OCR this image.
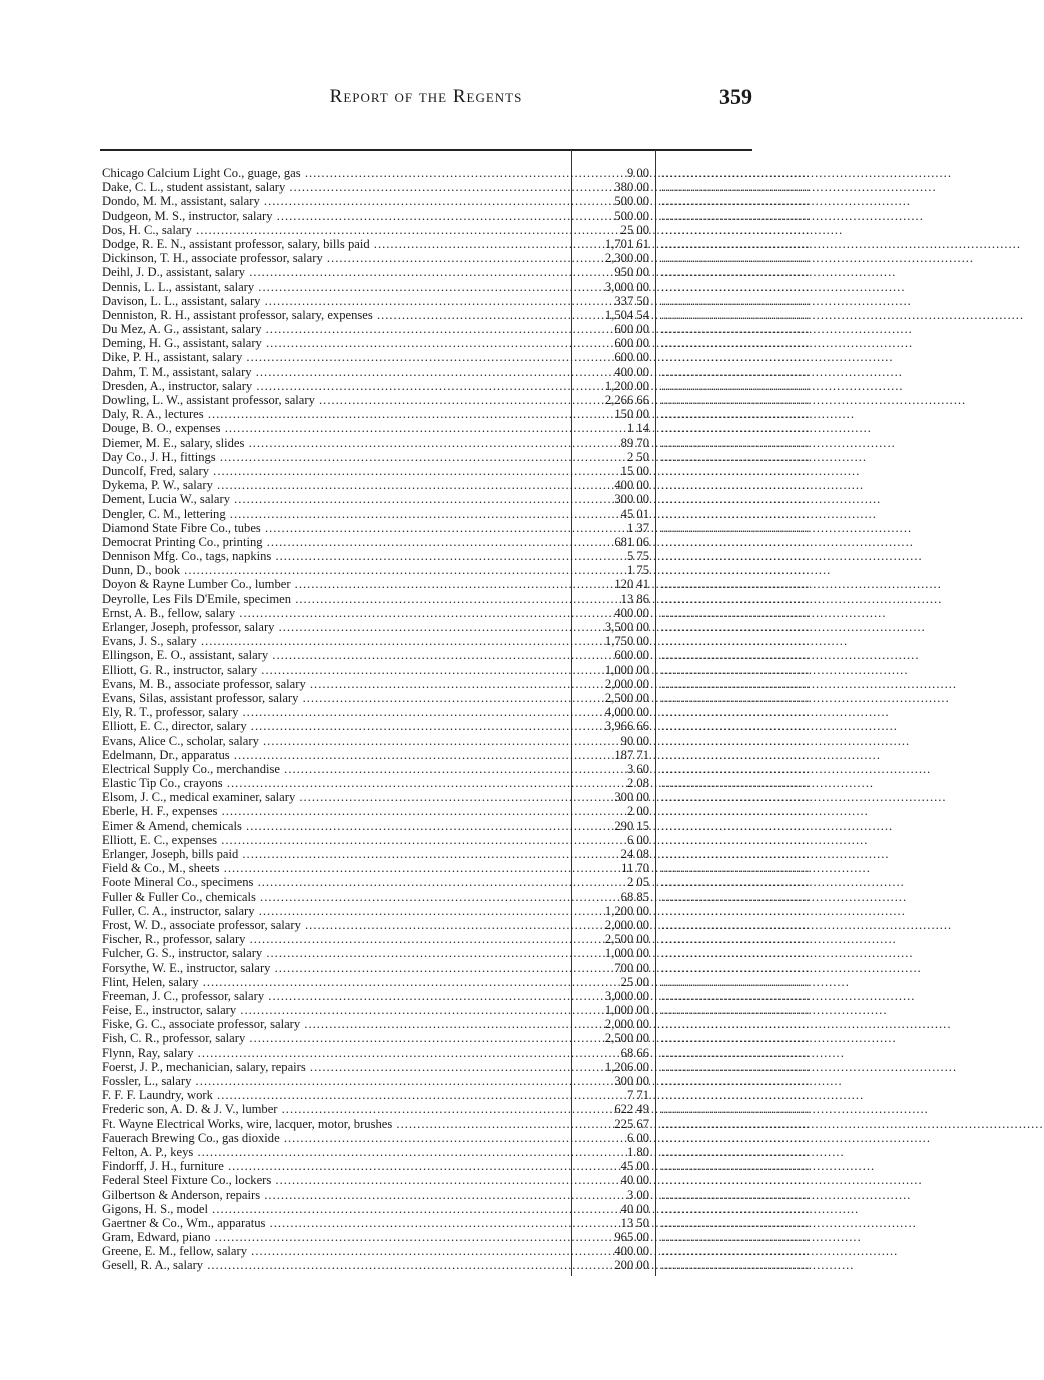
Report of the Regents	359
Chicago Calcium Light Co., guage, gas .....	9 00 ....................................
Dake, C. L., student assistant, salary .....	380 00 ....................................
Dondo, M. M., assistant, salary .....	500 00 ....................................
Dudgeon, M. S., instructor, salary .....	500 00 ....................................
Dos, H. C., salary .....	25 00 ....................................
Dodge, R. E. N., assistant professor, salary, bills paid .....	1,701 61 ....................................
Dickinson, T. H., associate professor, salary .....	2,300 00 ....................................
Deihl, J. D., assistant, salary .....	950 00 ....................................
Dennis, L. L., assistant, salary .....	3,000 00 ....................................
Davison, L. L., assistant, salary .....	337 50 ....................................
Denniston, R. H., assistant professor, salary, expenses .....	1,504 54 ....................................
Du Mez, A. G., assistant, salary .....	600 00 ....................................
Deming, H. G., assistant, salary .....	600 00 ....................................
Dike, P. H., assistant, salary .....	600 00 ....................................
Dahm, T. M., assistant, salary .....	400 00 ....................................
Dresden, A., instructor, salary .....	1,200 00 ....................................
Dowling, L. W., assistant professor, salary .....	2,266 66 ....................................
Daly, R. A., lectures .....	150 00 ....................................
Douge, B. O., expenses .....	1 14 ....................................
Diemer, M. E., salary, slides .....	89 70 ....................................
Day Co., J. H., fittings .....	2 50 ....................................
Duncolf, Fred, salary .....	15 00 ....................................
Dykema, P. W., salary .....	400 00 ....................................
Dement, Lucia W., salary .....	300 00 ....................................
Dengler, C. M., lettering .....	45 01 ....................................
Diamond State Fibre Co., tubes .....	1 37 ....................................
Democrat Printing Co., printing .....	681 06 ....................................
Dennison Mfg. Co., tags, napkins .....	5 75 ....................................
Dunn, D., book .....	1 75 ....................................
Doyon & Rayne Lumber Co., lumber .....	120 41 ....................................
Deyrolle, Les Fils D'Emile, specimen .....	13 86 ....................................
Ernst, A. B., fellow, salary .....	400 00 ....................................
Erlanger, Joseph, professor, salary .....	3,500 00 ....................................
Evans, J. S., salary .....	1,750 00 ....................................
Ellingson, E. O., assistant, salary .....	600 00 ....................................
Elliott, G. R., instructor, salary .....	1,000 00 ....................................
Evans, M. B., associate professor, salary .....	2,000 00 ....................................
Evans, Silas, assistant professor, salary .....	2,500 00 ....................................
Ely, R. T., professor, salary .....	4,000 00 ....................................
Elliott, E. C., director, salary .....	3,966 66 ....................................
Evans, Alice C., scholar, salary .....	90 00 ....................................
Edelmann, Dr., apparatus .....	187 71 ....................................
Electrical Supply Co., merchandise .....	3 60 ....................................
Elastic Tip Co., crayons .....	2 08 ....................................
Elsom, J. C., medical examiner, salary .....	300 00 ....................................
Eberle, H. F., expenses .....	2 00 ....................................
Eimer & Amend, chemicals .....	290 15 ....................................
Elliott, E. C., expenses .....	6 00 ....................................
Erlanger, Joseph, bills paid .....	24 08 ....................................
Field & Co., M., sheets .....	11 70 ....................................
Foote Mineral Co., specimens .....	2 05 ....................................
Fuller & Fuller Co., chemicals .....	68 85 ....................................
Fuller, C. A., instructor, salary .....	1,200 00 ....................................
Frost, W. D., associate professor, salary .....	2,000 00 ....................................
Fischer, R., professor, salary .....	2,500 00 ....................................
Fulcher, G. S., instructor, salary .....	1,000 00 ....................................
Forsythe, W. E., instructor, salary .....	700 00 ....................................
Flint, Helen, salary .....	25 00 ....................................
Freeman, J. C., professor, salary .....	3,000 00 ....................................
Feise, E., instructor, salary .....	1,000 00 ....................................
Fiske, G. C., associate professor, salary .....	2,000 00 ....................................
Fish, C. R., professor, salary .....	2,500 00 ....................................
Flynn, Ray, salary .....	68 66 ....................................
Foerst, J. P., mechanician, salary, repairs .....	1,206 00 ....................................
Fossler, L., salary .....	300 00 ....................................
F. F. F. Laundry, work .....	7 71 ....................................
Frederic son, A. D. & J. V., lumber .....	622 49 ....................................
Ft. Wayne Electrical Works, wire, lacquer, motor, brushes .....	225 67 ....................................
Fauerach Brewing Co., gas dioxide .....	6 00 ....................................
Felton, A. P., keys .....	1 80 ....................................
Findorff, J. H., furniture .....	45 00 ....................................
Federal Steel Fixture Co., lockers .....	40 00 ....................................
Gilbertson & Anderson, repairs .....	3 00 ....................................
Gigons, H. S., model .....	40 00 ....................................
Gaertner & Co., Wm., apparatus .....	13 50 ....................................
Gram, Edward, piano .....	965 00 ....................................
Greene, E. M., fellow, salary .....	400 00 ....................................
Gesell, R. A., salary .....	200 00 ....................................
